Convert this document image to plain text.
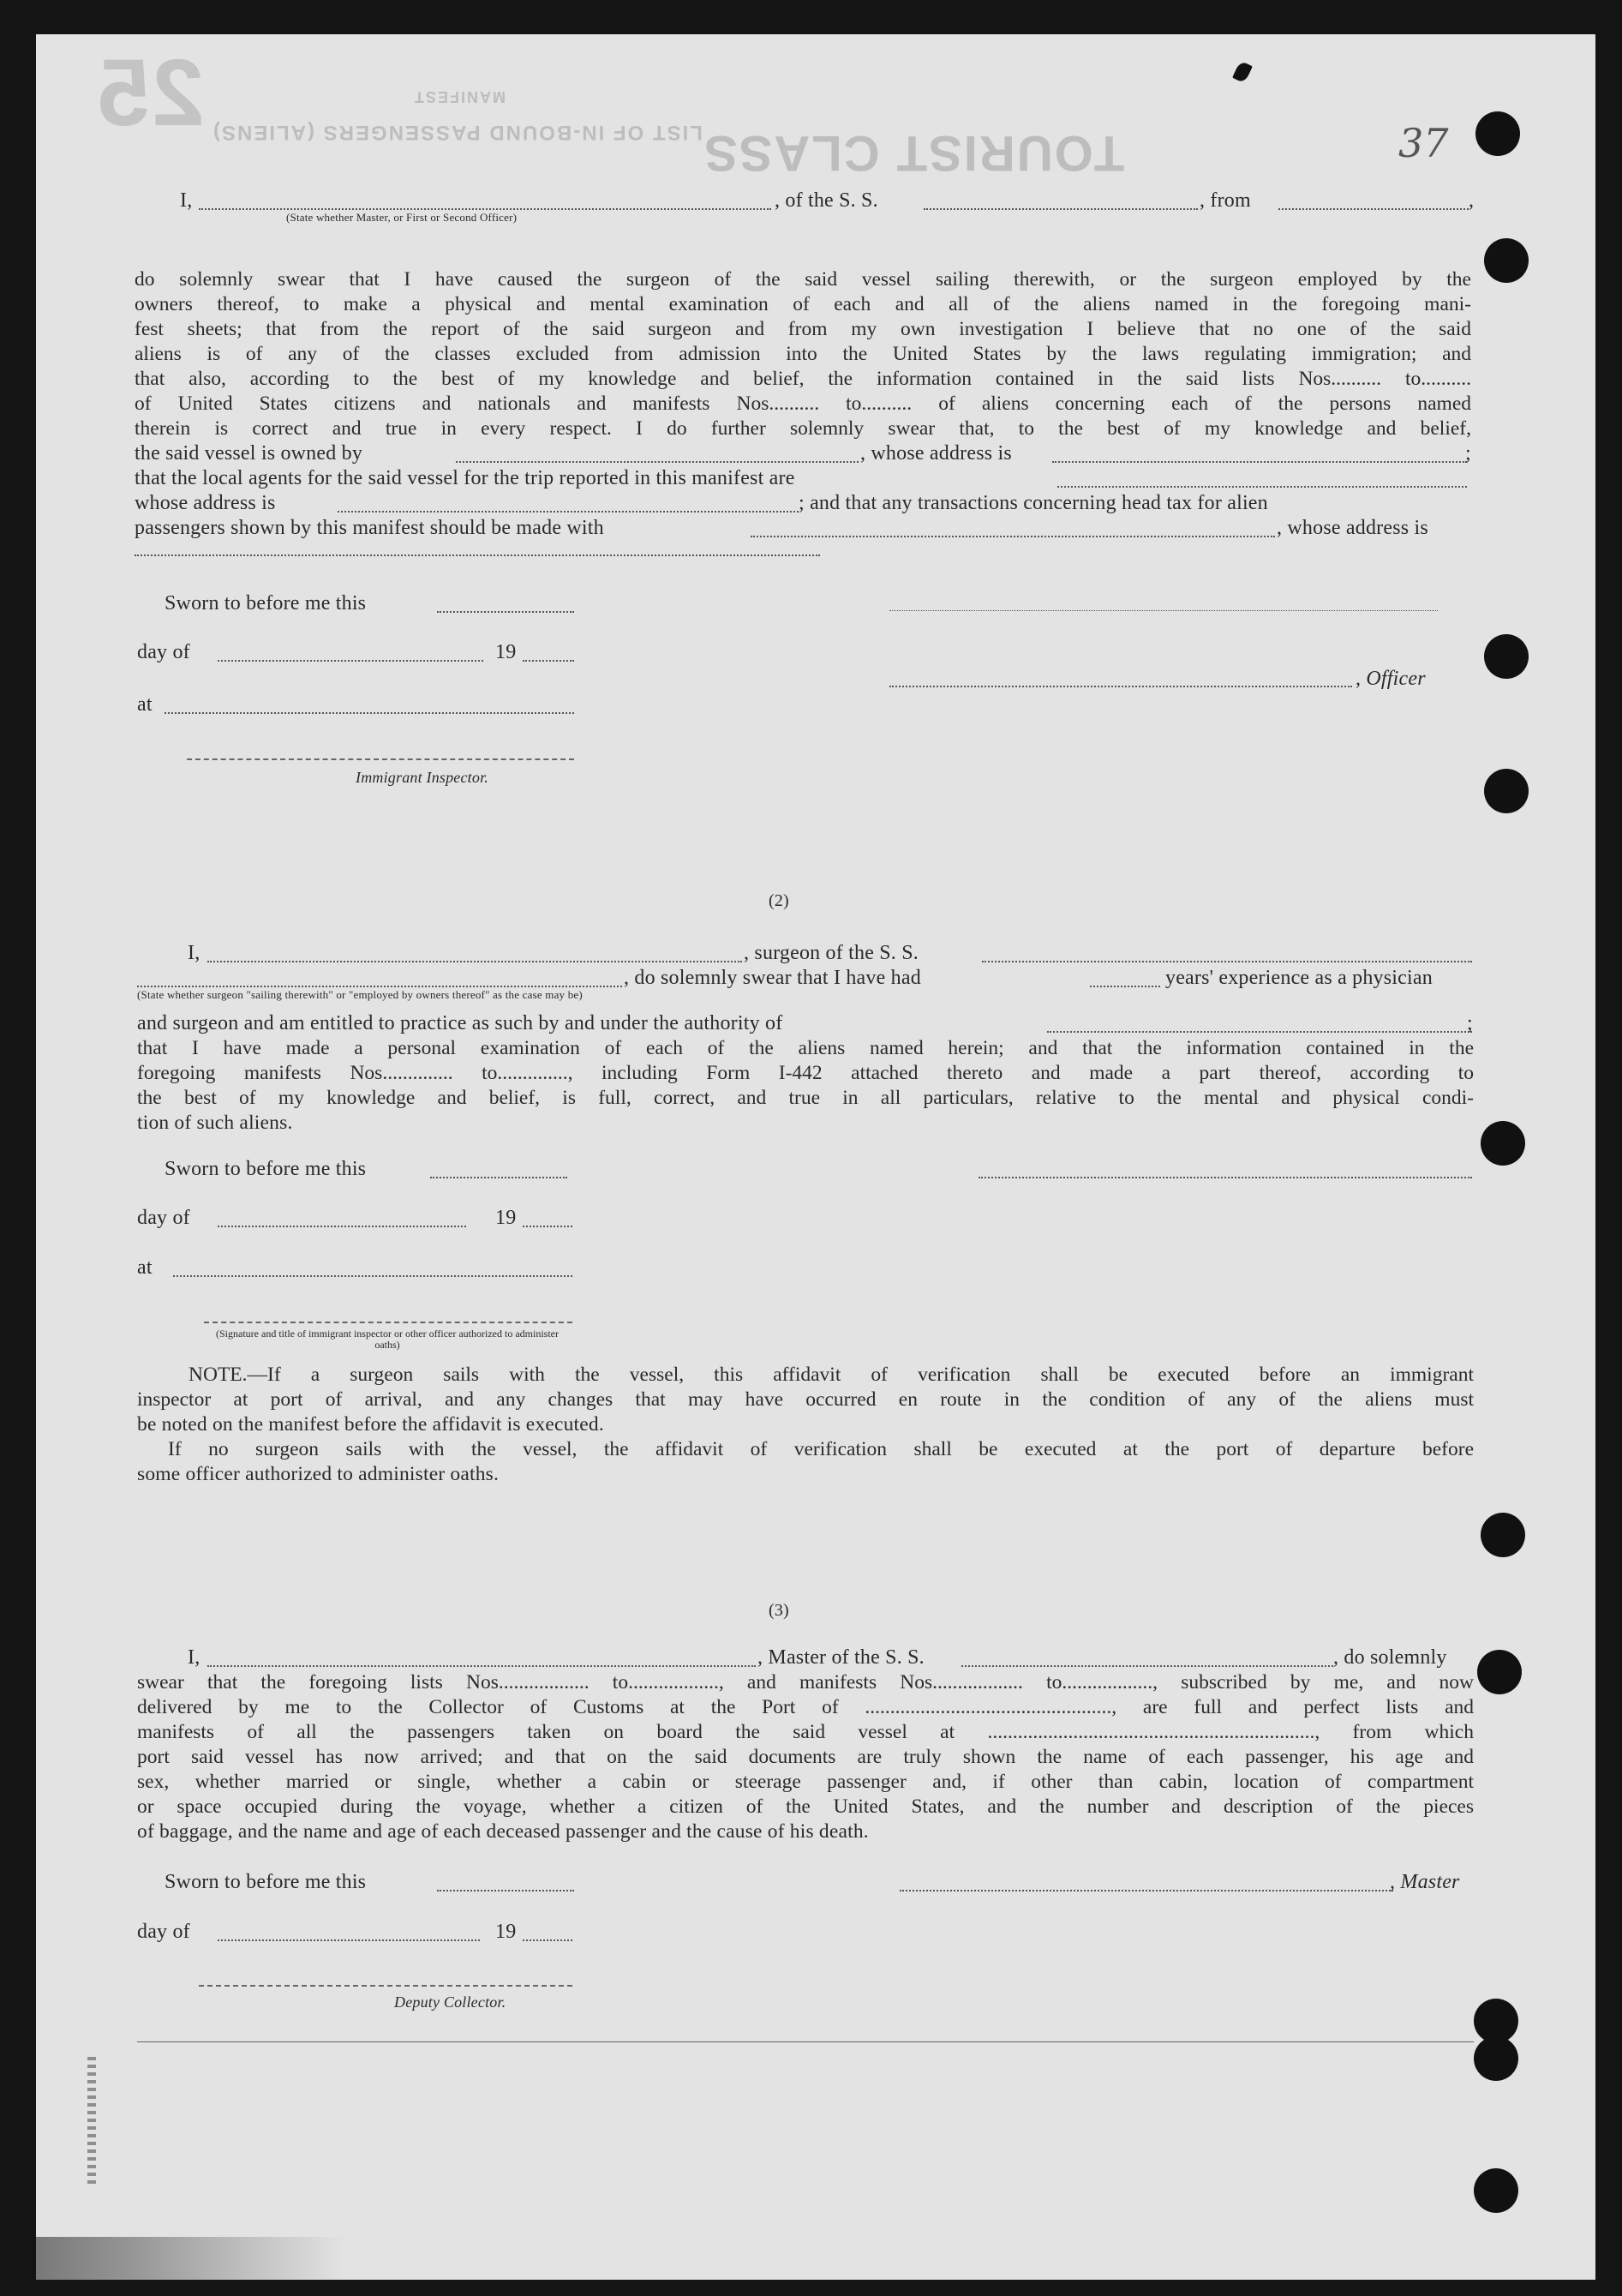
TOURIST CLASS
LIST OF IN-BOUND PASSENGERS (ALIENS)
MANIFEST
25	37
I,	, of the S. S.	, from	,
(State whether Master, or First or Second Officer)
do solemnly swear that I have caused the surgeon of the said vessel sailing therewith, or the surgeon employed by the
owners thereof, to make a physical and mental examination of each and all of the aliens named in the foregoing mani-
fest sheets; that from the report of the said surgeon and from my own investigation I believe that no one of the said
aliens is of any of the classes excluded from admission into the United States by the laws regulating immigration; and
that also, according to the best of my knowledge and belief, the information contained in the said lists Nos.......... to..........
of United States citizens and nationals and manifests Nos.......... to.......... of aliens concerning each of the persons named
therein is correct and true in every respect. I do further solemnly swear that, to the best of my knowledge and belief,
the said vessel is owned by	, whose address is	;
that the local agents for the said vessel for the trip reported in this manifest are
whose address is	; and that any transactions concerning head tax for alien
passengers shown by this manifest should be made with	, whose address is
Sworn to before me this
day of	19
, Officer
at
Immigrant Inspector.
(2)
I,	, surgeon of the S. S.
, do solemnly swear that I have had	years' experience as a physician
(State whether surgeon "sailing therewith" or "employed by owners thereof" as the case may be)
and surgeon and am entitled to practice as such by and under the authority of	;
that I have made a personal examination of each of the aliens named herein; and that the information contained in the
foregoing manifests Nos.............. to.............., including Form I-442 attached thereto and made a part thereof, according to
the best of my knowledge and belief, is full, correct, and true in all particulars, relative to the mental and physical condi-
tion of such aliens.
Sworn to before me this
day of	19
at
(Signature and title of immigrant inspector or other officer authorized to administer oaths)
NOTE.—If a surgeon sails with the vessel, this affidavit of verification shall be executed before an immigrant
inspector at port of arrival, and any changes that may have occurred en route in the condition of any of the aliens must
be noted on the manifest before the affidavit is executed.
If no surgeon sails with the vessel, the affidavit of verification shall be executed at the port of departure before
some officer authorized to administer oaths.
(3)
I,	, Master of the S. S.	, do solemnly
swear that the foregoing lists Nos.................. to.................., and manifests Nos.................. to.................., subscribed by me, and now
delivered by me to the Collector of Customs at the Port of ................................................., are full and perfect lists and
manifests of all the passengers taken on board the said vessel at ................................................................., from which
port said vessel has now arrived; and that on the said documents are truly shown the name of each passenger, his age and
sex, whether married or single, whether a cabin or steerage passenger and, if other than cabin, location of compartment
or space occupied during the voyage, whether a citizen of the United States, and the number and description of the pieces
of baggage, and the name and age of each deceased passenger and the cause of his death.
Sworn to before me this	, Master
day of	19
Deputy Collector.
